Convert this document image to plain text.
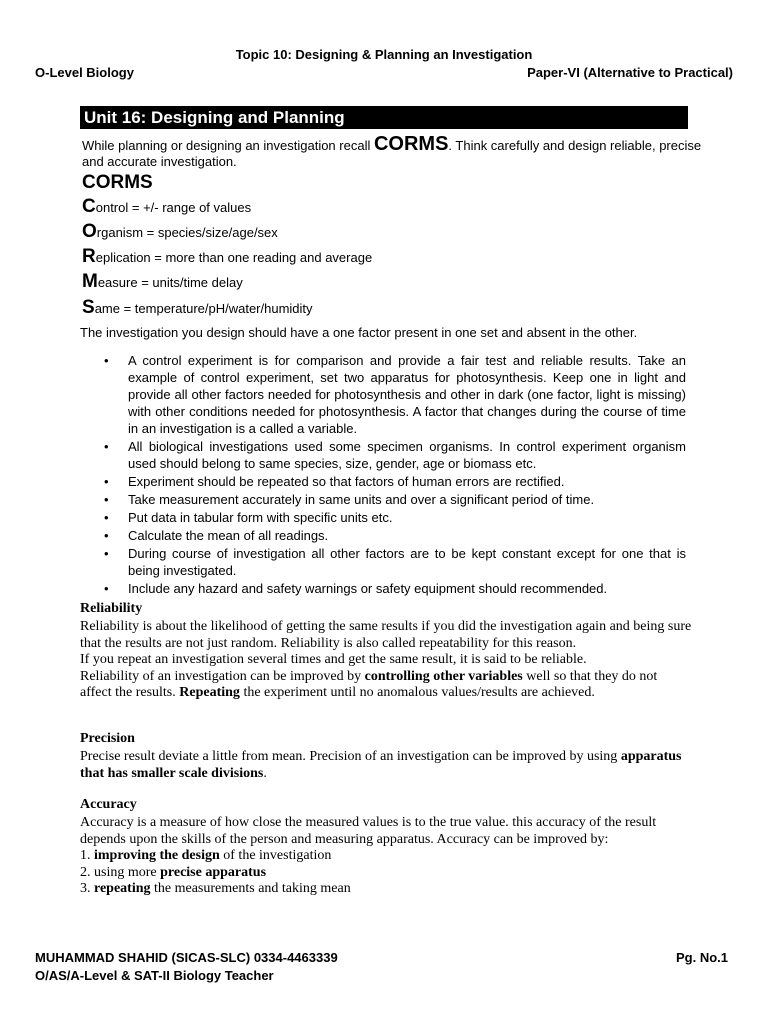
Topic 10: Designing & Planning an Investigation
O-Level Biology	Paper-VI (Alternative to Practical)
Unit 16: Designing and Planning
While planning or designing an investigation recall CORMS. Think carefully and design reliable, precise and accurate investigation.
CORMS
Control = +/- range of values
Organism = species/size/age/sex
Replication = more than one reading and average
Measure = units/time delay
Same = temperature/pH/water/humidity
The investigation you design should have a one factor present in one set and absent in the other.
• A control experiment is for comparison and provide a fair test and reliable results. Take an example of control experiment, set two apparatus for photosynthesis. Keep one in light and provide all other factors needed for photosynthesis and other in dark (one factor, light is missing) with other conditions needed for photosynthesis. A factor that changes during the course of time in an investigation is a called a variable.
• All biological investigations used some specimen organisms. In control experiment organism used should belong to same species, size, gender, age or biomass etc.
• Experiment should be repeated so that factors of human errors are rectified.
• Take measurement accurately in same units and over a significant period of time.
• Put data in tabular form with specific units etc.
• Calculate the mean of all readings.
• During course of investigation all other factors are to be kept constant except for one that is being investigated.
• Include any hazard and safety warnings or safety equipment should recommended.
Reliability
Reliability is about the likelihood of getting the same results if you did the investigation again and being sure that the results are not just random. Reliability is also called repeatability for this reason.
If you repeat an investigation several times and get the same result, it is said to be reliable.
Reliability of an investigation can be improved by controlling other variables well so that they do not affect the results. Repeating the experiment until no anomalous values/results are achieved.
Precision
Precise result deviate a little from mean. Precision of an investigation can be improved by using apparatus that has smaller scale divisions.
Accuracy
Accuracy is a measure of how close the measured values is to the true value. this accuracy of the result depends upon the skills of the person and measuring apparatus. Accuracy can be improved by:
1. improving the design of the investigation
2. using more precise apparatus
3. repeating the measurements and taking mean
MUHAMMAD SHAHID (SICAS-SLC) 0334-4463339
O/AS/A-Level & SAT-II Biology Teacher
Pg. No.1
